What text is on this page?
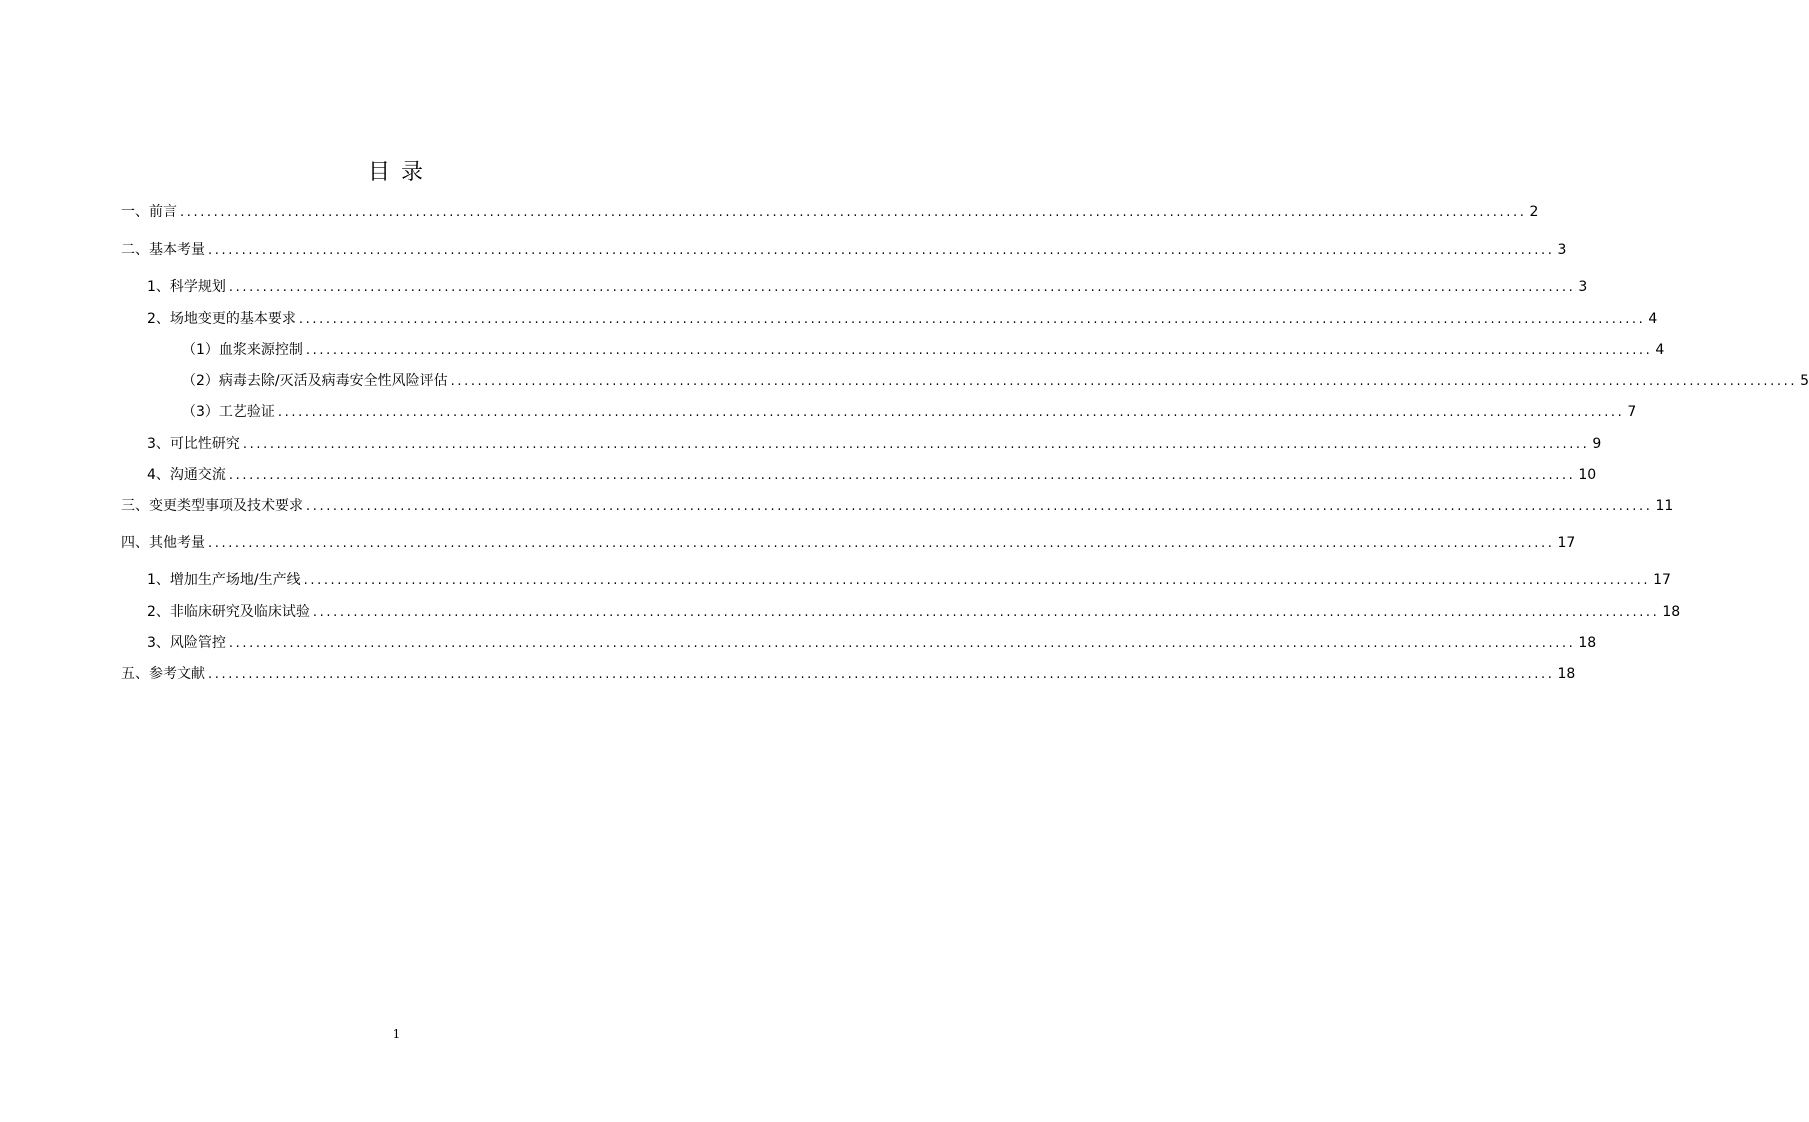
目 录
一、前言 ........................................................................................................................................................................................................ 2
二、基本考量 ........................................................................................................................................................................................................ 3
1、科学规划 ........................................................................................................................................................................................................ 3
2、场地变更的基本要求 ........................................................................................................................................................................................................ 4
（1）血浆来源控制 ........................................................................................................................................................................................................ 4
（2）病毒去除/灭活及病毒安全性风险评估 ........................................................................................................................................................................................................ 5
（3）工艺验证 ........................................................................................................................................................................................................ 7
3、可比性研究 ........................................................................................................................................................................................................ 9
4、沟通交流 ........................................................................................................................................................................................................ 10
三、变更类型事项及技术要求 ........................................................................................................................................................................................................ 11
四、其他考量 ........................................................................................................................................................................................................ 17
1、增加生产场地/生产线 ........................................................................................................................................................................................................ 17
2、非临床研究及临床试验 ........................................................................................................................................................................................................ 18
3、风险管控 ........................................................................................................................................................................................................ 18
五、参考文献 ........................................................................................................................................................................................................ 18
1
